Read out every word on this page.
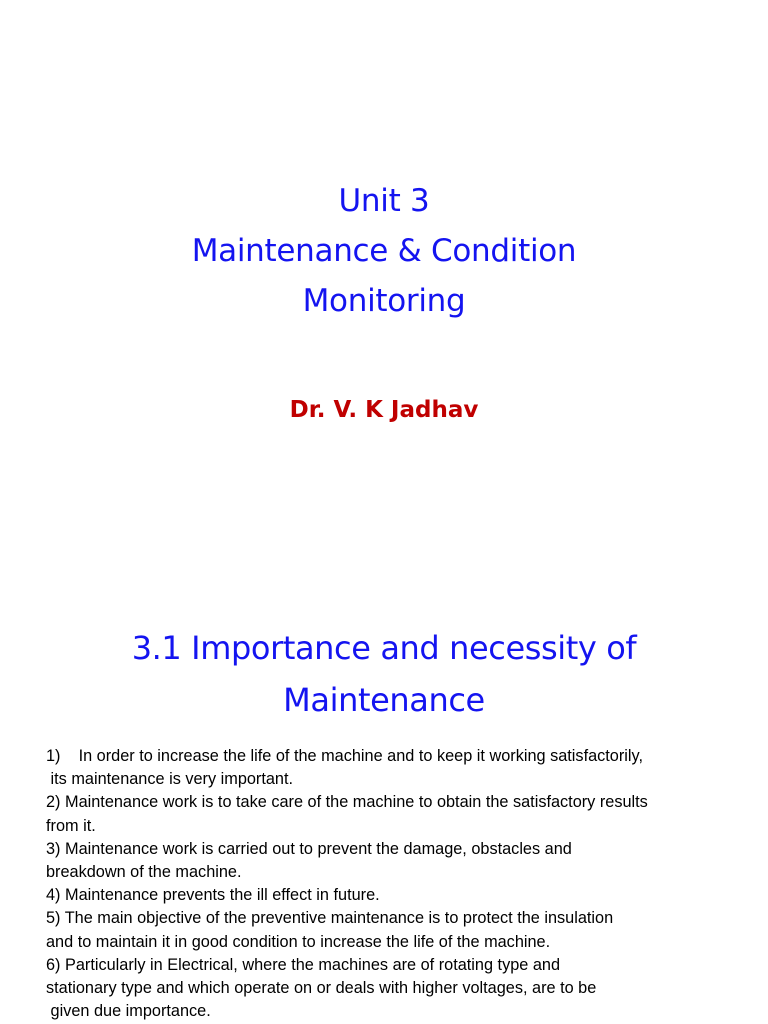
Unit 3
Maintenance & Condition
Monitoring
Dr. V. K Jadhav
3.1 Importance and necessity of
Maintenance
1)    In order to increase the life of the machine and to keep it working satisfactorily,
its maintenance is very important.
2) Maintenance work is to take care of the machine to obtain the satisfactory results
from it.
3) Maintenance work is carried out to prevent the damage, obstacles and
breakdown of the machine.
4) Maintenance prevents the ill effect in future.
5) The main objective of the preventive maintenance is to protect the insulation
and to maintain it in good condition to increase the life of the machine.
6) Particularly in Electrical, where the machines are of rotating type and
stationary type and which operate on or deals with higher voltages, are to be
given due importance.
